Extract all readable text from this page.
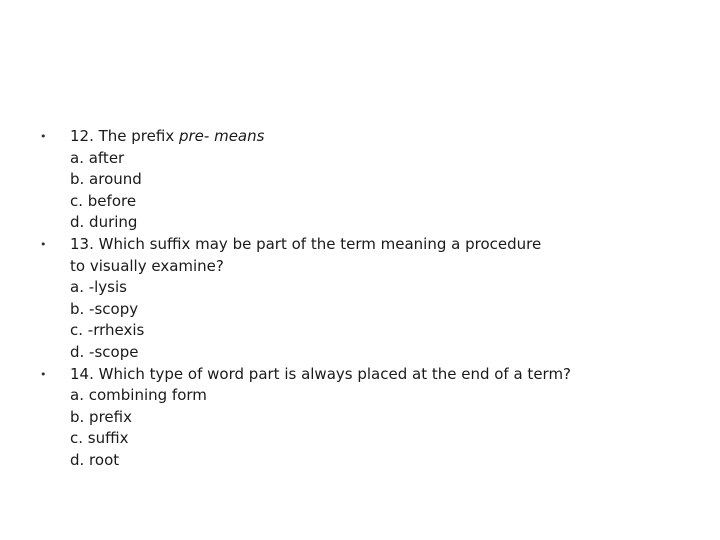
• 12. The prefix pre- means
a. after
b. around
c. before
d. during
• 13. Which suffix may be part of the term meaning a procedure
to visually examine?
a. -lysis
b. -scopy
c. -rrhexis
d. -scope
• 14. Which type of word part is always placed at the end of a term?
a. combining form
b. prefix
c. suffix
d. root
